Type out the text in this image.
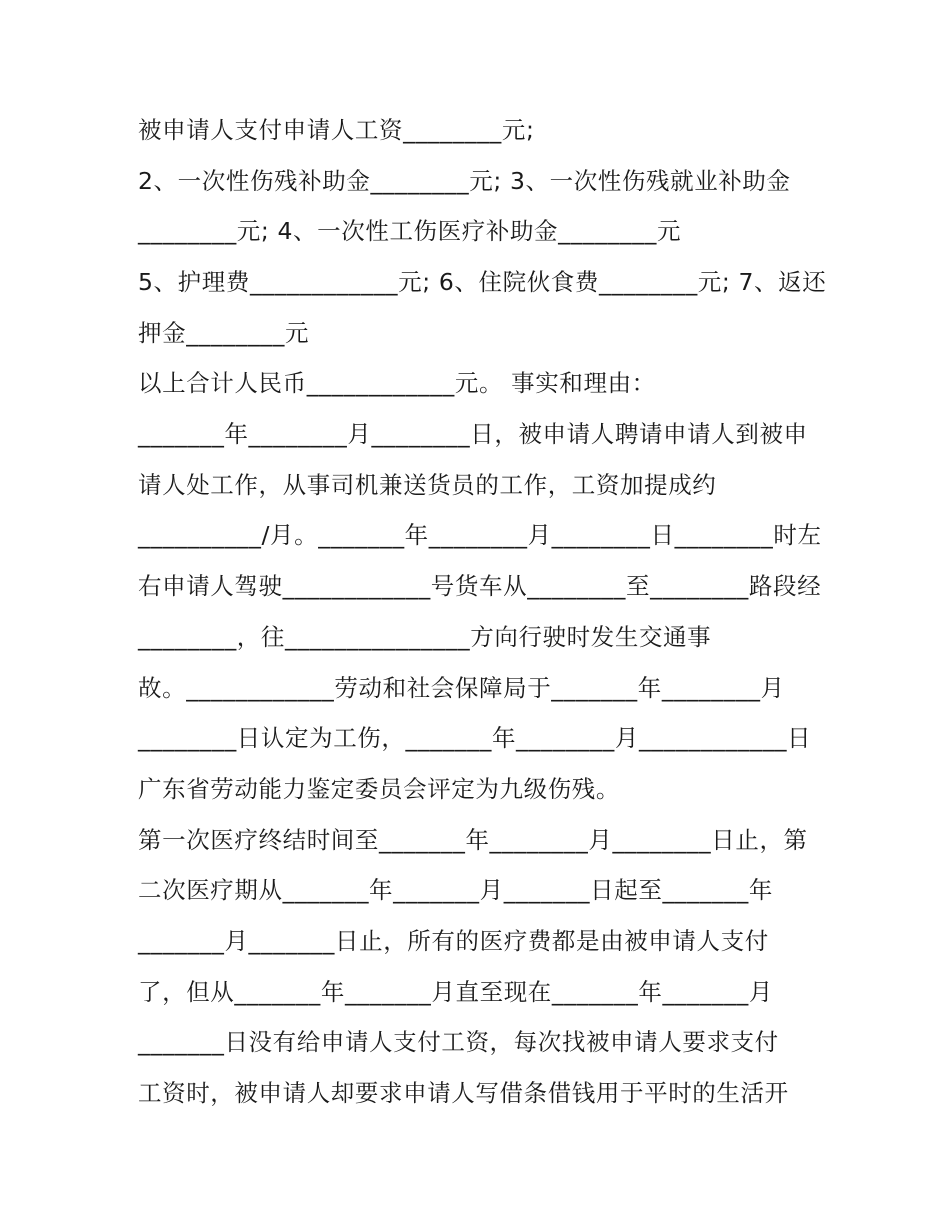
被申请人支付申请人工资________元;
2、一次性伤残补助金________元; 3、一次性伤残就业补助金
________元; 4、一次性工伤医疗补助金________元
5、护理费____________元; 6、住院伙食费________元; 7、返还
押金________元
以上合计人民币____________元。 事实和理由：
_______年________月________日，被申请人聘请申请人到被申
请人处工作，从事司机兼送货员的工作，工资加提成约
__________/月。_______年________月________日________时左
右申请人驾驶____________号货车从________至________路段经
________，往_______________方向行驶时发生交通事
故。____________劳动和社会保障局于_______年________月
________日认定为工伤，_______年________月____________日
广东省劳动能力鉴定委员会评定为九级伤残。
第一次医疗终结时间至_______年________月________日止，第
二次医疗期从_______年_______月_______日起至_______年
_______月_______日止，所有的医疗费都是由被申请人支付
了，但从_______年_______月直至现在_______年_______月
_______日没有给申请人支付工资，每次找被申请人要求支付
工资时，被申请人却要求申请人写借条借钱用于平时的生活开
